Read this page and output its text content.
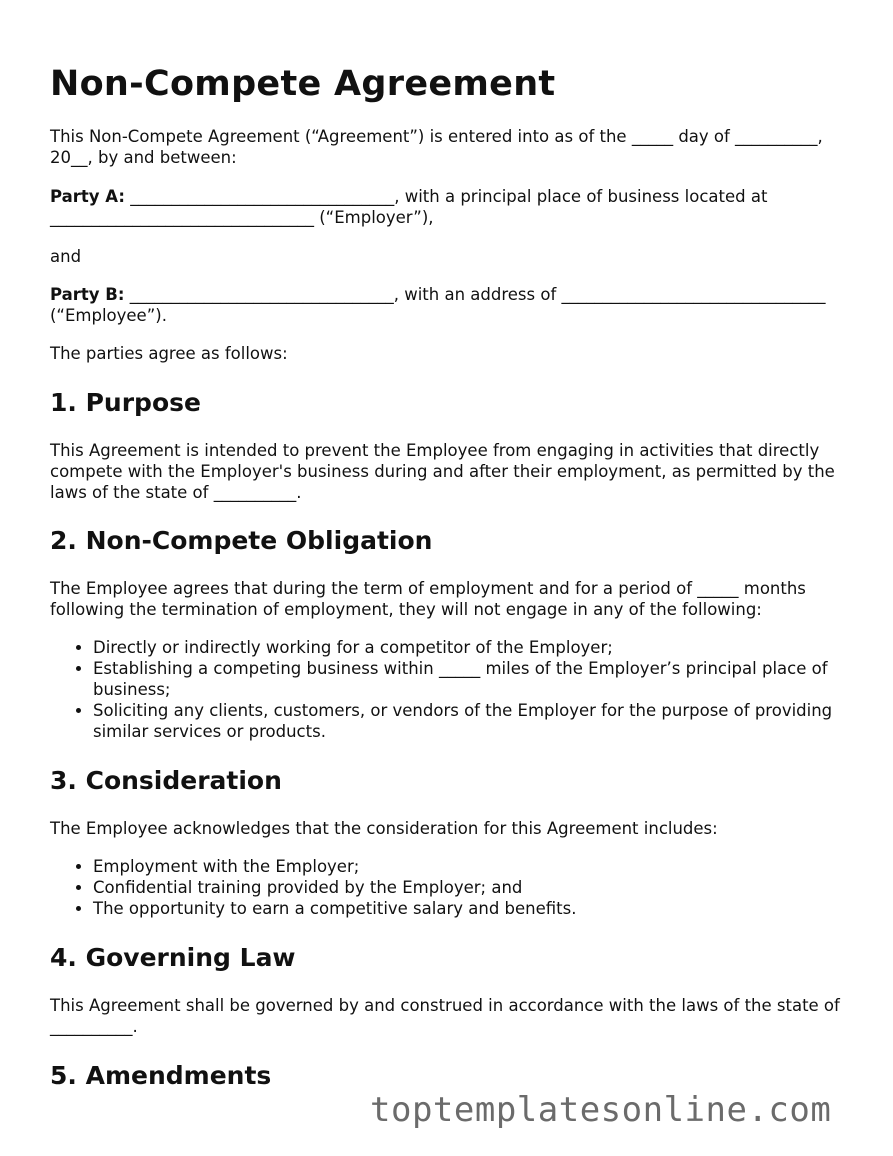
Non-Compete Agreement

This Non-Compete Agreement (“Agreement”) is entered into as of the _____ day of __________, 20__, by and between:

Party A: ________________________________, with a principal place of business located at ________________________________ (“Employer”),

and

Party B: ________________________________, with an address of ________________________________ (“Employee”).

The parties agree as follows:

1. Purpose

This Agreement is intended to prevent the Employee from engaging in activities that directly compete with the Employer's business during and after their employment, as permitted by the laws of the state of __________.

2. Non-Compete Obligation

The Employee agrees that during the term of employment and for a period of _____ months following the termination of employment, they will not engage in any of the following:

• Directly or indirectly working for a competitor of the Employer;
• Establishing a competing business within _____ miles of the Employer’s principal place of business;
• Soliciting any clients, customers, or vendors of the Employer for the purpose of providing similar services or products.
3. Consideration

The Employee acknowledges that the consideration for this Agreement includes:

• Employment with the Employer;
• Confidential training provided by the Employer; and
• The opportunity to earn a competitive salary and benefits.
4. Governing Law

This Agreement shall be governed by and construed in accordance with the laws of the state of __________.

5. Amendments
toptemplatesonline.com
